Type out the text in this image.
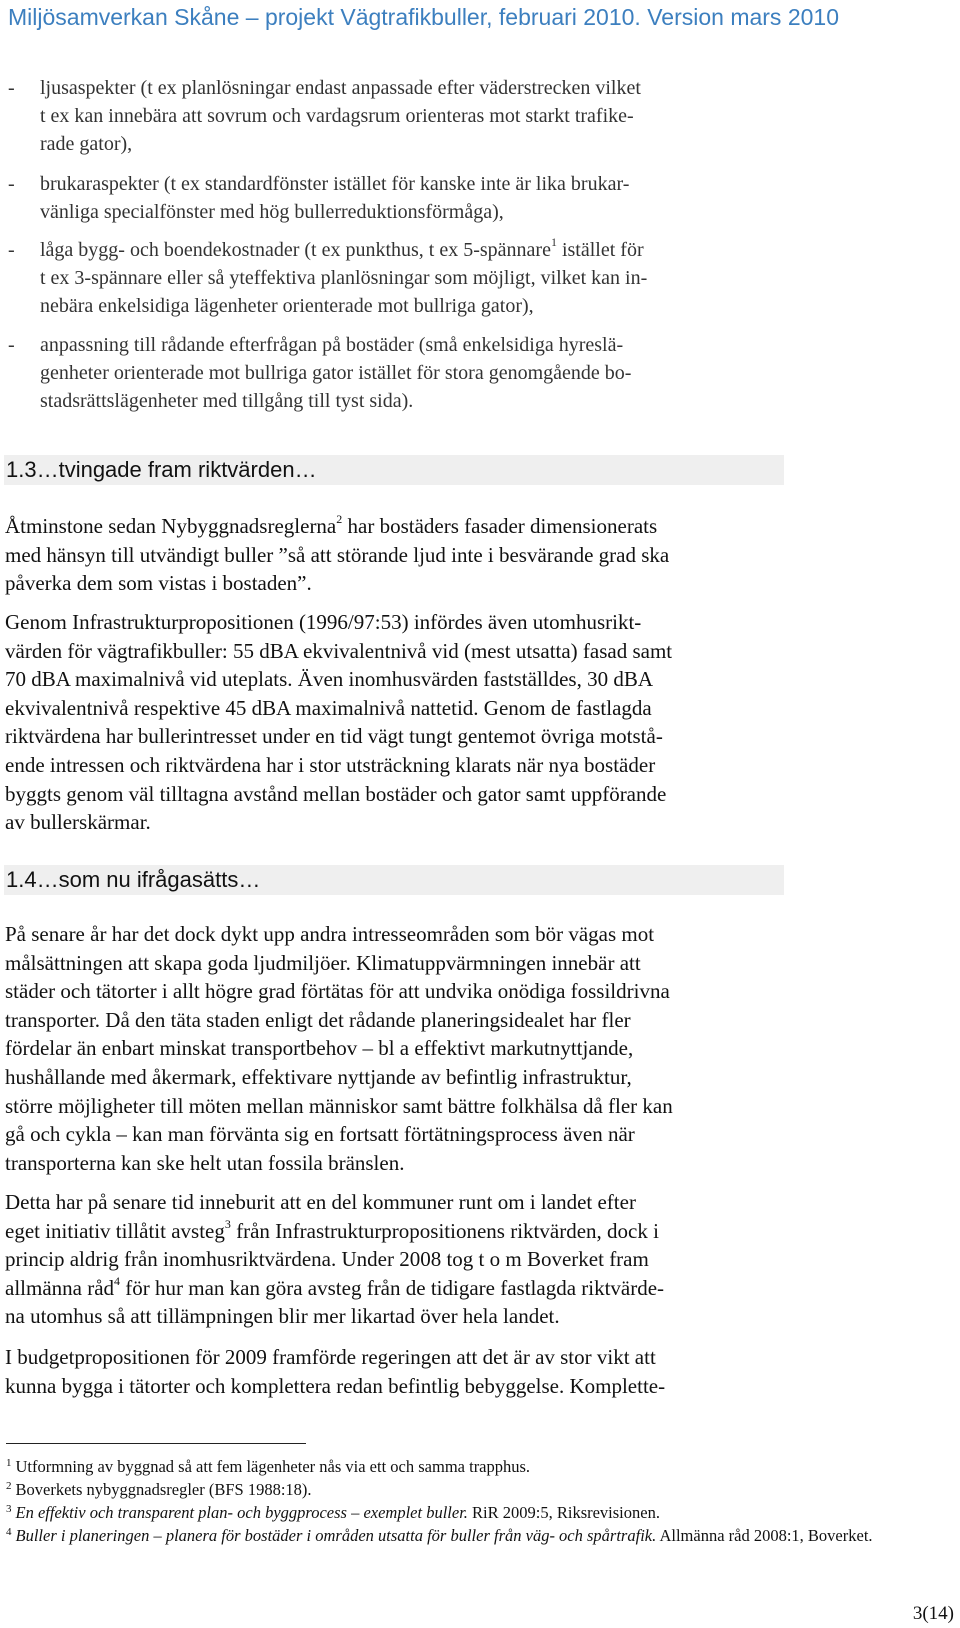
Miljösamverkan Skåne – projekt Vägtrafikbuller, februari 2010. Version mars 2010
- ljusaspekter (t ex planlösningar endast anpassade efter väderstrecken vilket
t ex kan innebära att sovrum och vardagsrum orienteras mot starkt trafike-
rade gator),
- brukaraspekter (t ex standardfönster istället för kanske inte är lika brukar-
vänliga specialfönster med hög bullerreduktionsförmåga),
- låga bygg- och boendekostnader (t ex punkthus, t ex 5-spännare$^1$ istället för
t ex 3-spännare eller så yteffektiva planlösningar som möjligt, vilket kan in-
nebära enkelsidiga lägenheter orienterade mot bullriga gator),
- anpassning till rådande efterfrågan på bostäder (små enkelsidiga hyreslä-
genheter orienterade mot bullriga gator istället för stora genomgående bo-
stadsrättslägenheter med tillgång till tyst sida).
1.3…tvingade fram riktvärden…
Åtminstone sedan Nybyggnadsreglerna$^2$ har bostäders fasader dimensionerats
med hänsyn till utvändigt buller ”så att störande ljud inte i besvärande grad ska
påverka dem som vistas i bostaden”.
Genom Infrastrukturpropositionen (1996/97:53) infördes även utomhusrikt-
värden för vägtrafikbuller: 55 dBA ekvivalentnivå vid (mest utsatta) fasad samt
70 dBA maximalnivå vid uteplats. Även inomhusvärden fastställdes, 30 dBA
ekvivalentnivå respektive 45 dBA maximalnivå nattetid. Genom de fastlagda
riktvärdena har bullerintresset under en tid vägt tungt gentemot övriga motstå-
ende intressen och riktvärdena har i stor utsträckning klarats när nya bostäder
byggts genom väl tilltagna avstånd mellan bostäder och gator samt uppförande
av bullerskärmar.
1.4…som nu ifrågasätts…
På senare år har det dock dykt upp andra intresseområden som bör vägas mot
målsättningen att skapa goda ljudmiljöer. Klimatuppvärmningen innebär att
städer och tätorter i allt högre grad förtätas för att undvika onödiga fossildrivna
transporter. Då den täta staden enligt det rådande planeringsidealet har fler
fördelar än enbart minskat transportbehov – bl a effektivt markutnyttjande,
hushållande med åkermark, effektivare nyttjande av befintlig infrastruktur,
större möjligheter till möten mellan människor samt bättre folkhälsa då fler kan
gå och cykla – kan man förvänta sig en fortsatt förtätningsprocess även när
transporterna kan ske helt utan fossila bränslen.
Detta har på senare tid inneburit att en del kommuner runt om i landet efter
eget initiativ tillåtit avsteg$^3$ från Infrastrukturpropositionens riktvärden, dock i
princip aldrig från inomhusriktvärdena. Under 2008 tog t o m Boverket fram
allmänna råd$^4$ för hur man kan göra avsteg från de tidigare fastlagda riktvärde-
na utomhus så att tillämpningen blir mer likartad över hela landet.
I budgetpropositionen för 2009 framförde regeringen att det är av stor vikt att
kunna bygga i tätorter och komplettera redan befintlig bebyggelse. Komplette-
$^1$ Utformning av byggnad så att fem lägenheter nås via ett och samma trapphus.
$^2$ Boverkets nybyggnadsregler (BFS 1988:18).
$^3$ En effektiv och transparent plan- och byggprocess – exemplet buller. RiR 2009:5, Riksrevisionen.
$^4$ Buller i planeringen – planera för bostäder i områden utsatta för buller från väg- och spårtrafik. Allmänna råd 2008:1, Boverket.
3(14)
